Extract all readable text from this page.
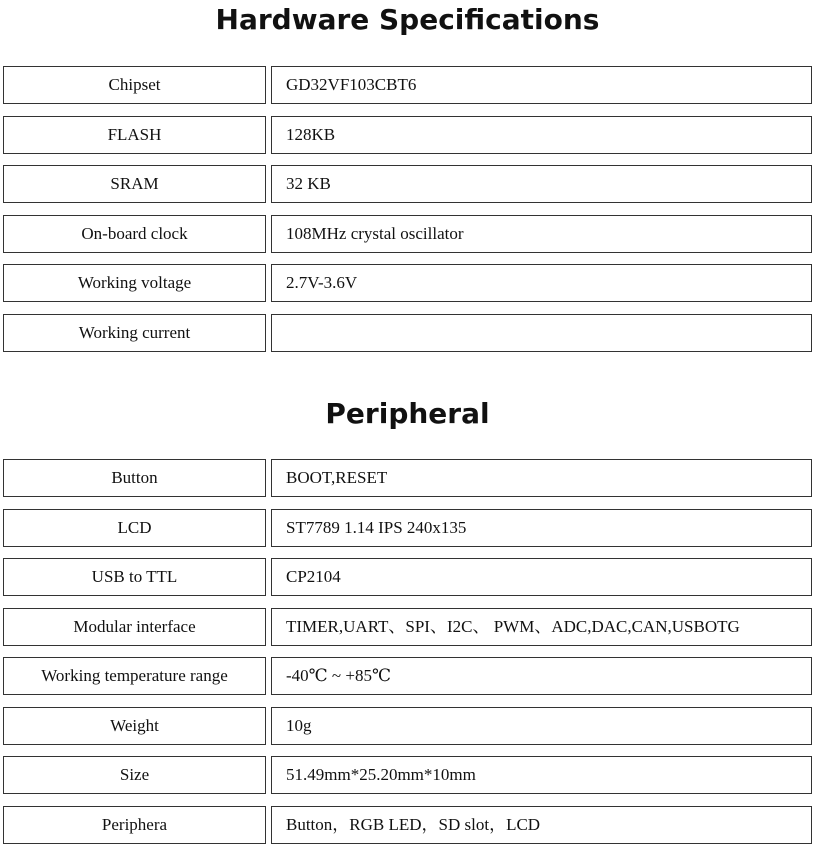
Hardware Specifications
Chipset	GD32VF103CBT6
FLASH	128KB
SRAM	32 KB
On-board clock	108MHz crystal oscillator
Working voltage	2.7V-3.6V
Working current
Peripheral
Button	BOOT,RESET
LCD	ST7789 1.14 IPS 240x135
USB to TTL	CP2104
Modular interface	TIMER,UART、SPI、I2C、 PWM、ADC,DAC,CAN,USBOTG
Working temperature range	-40℃ ~ +85℃
Weight	10g
Size	51.49mm*25.20mm*10mm
Periphera	Button，RGB LED，SD slot，LCD
